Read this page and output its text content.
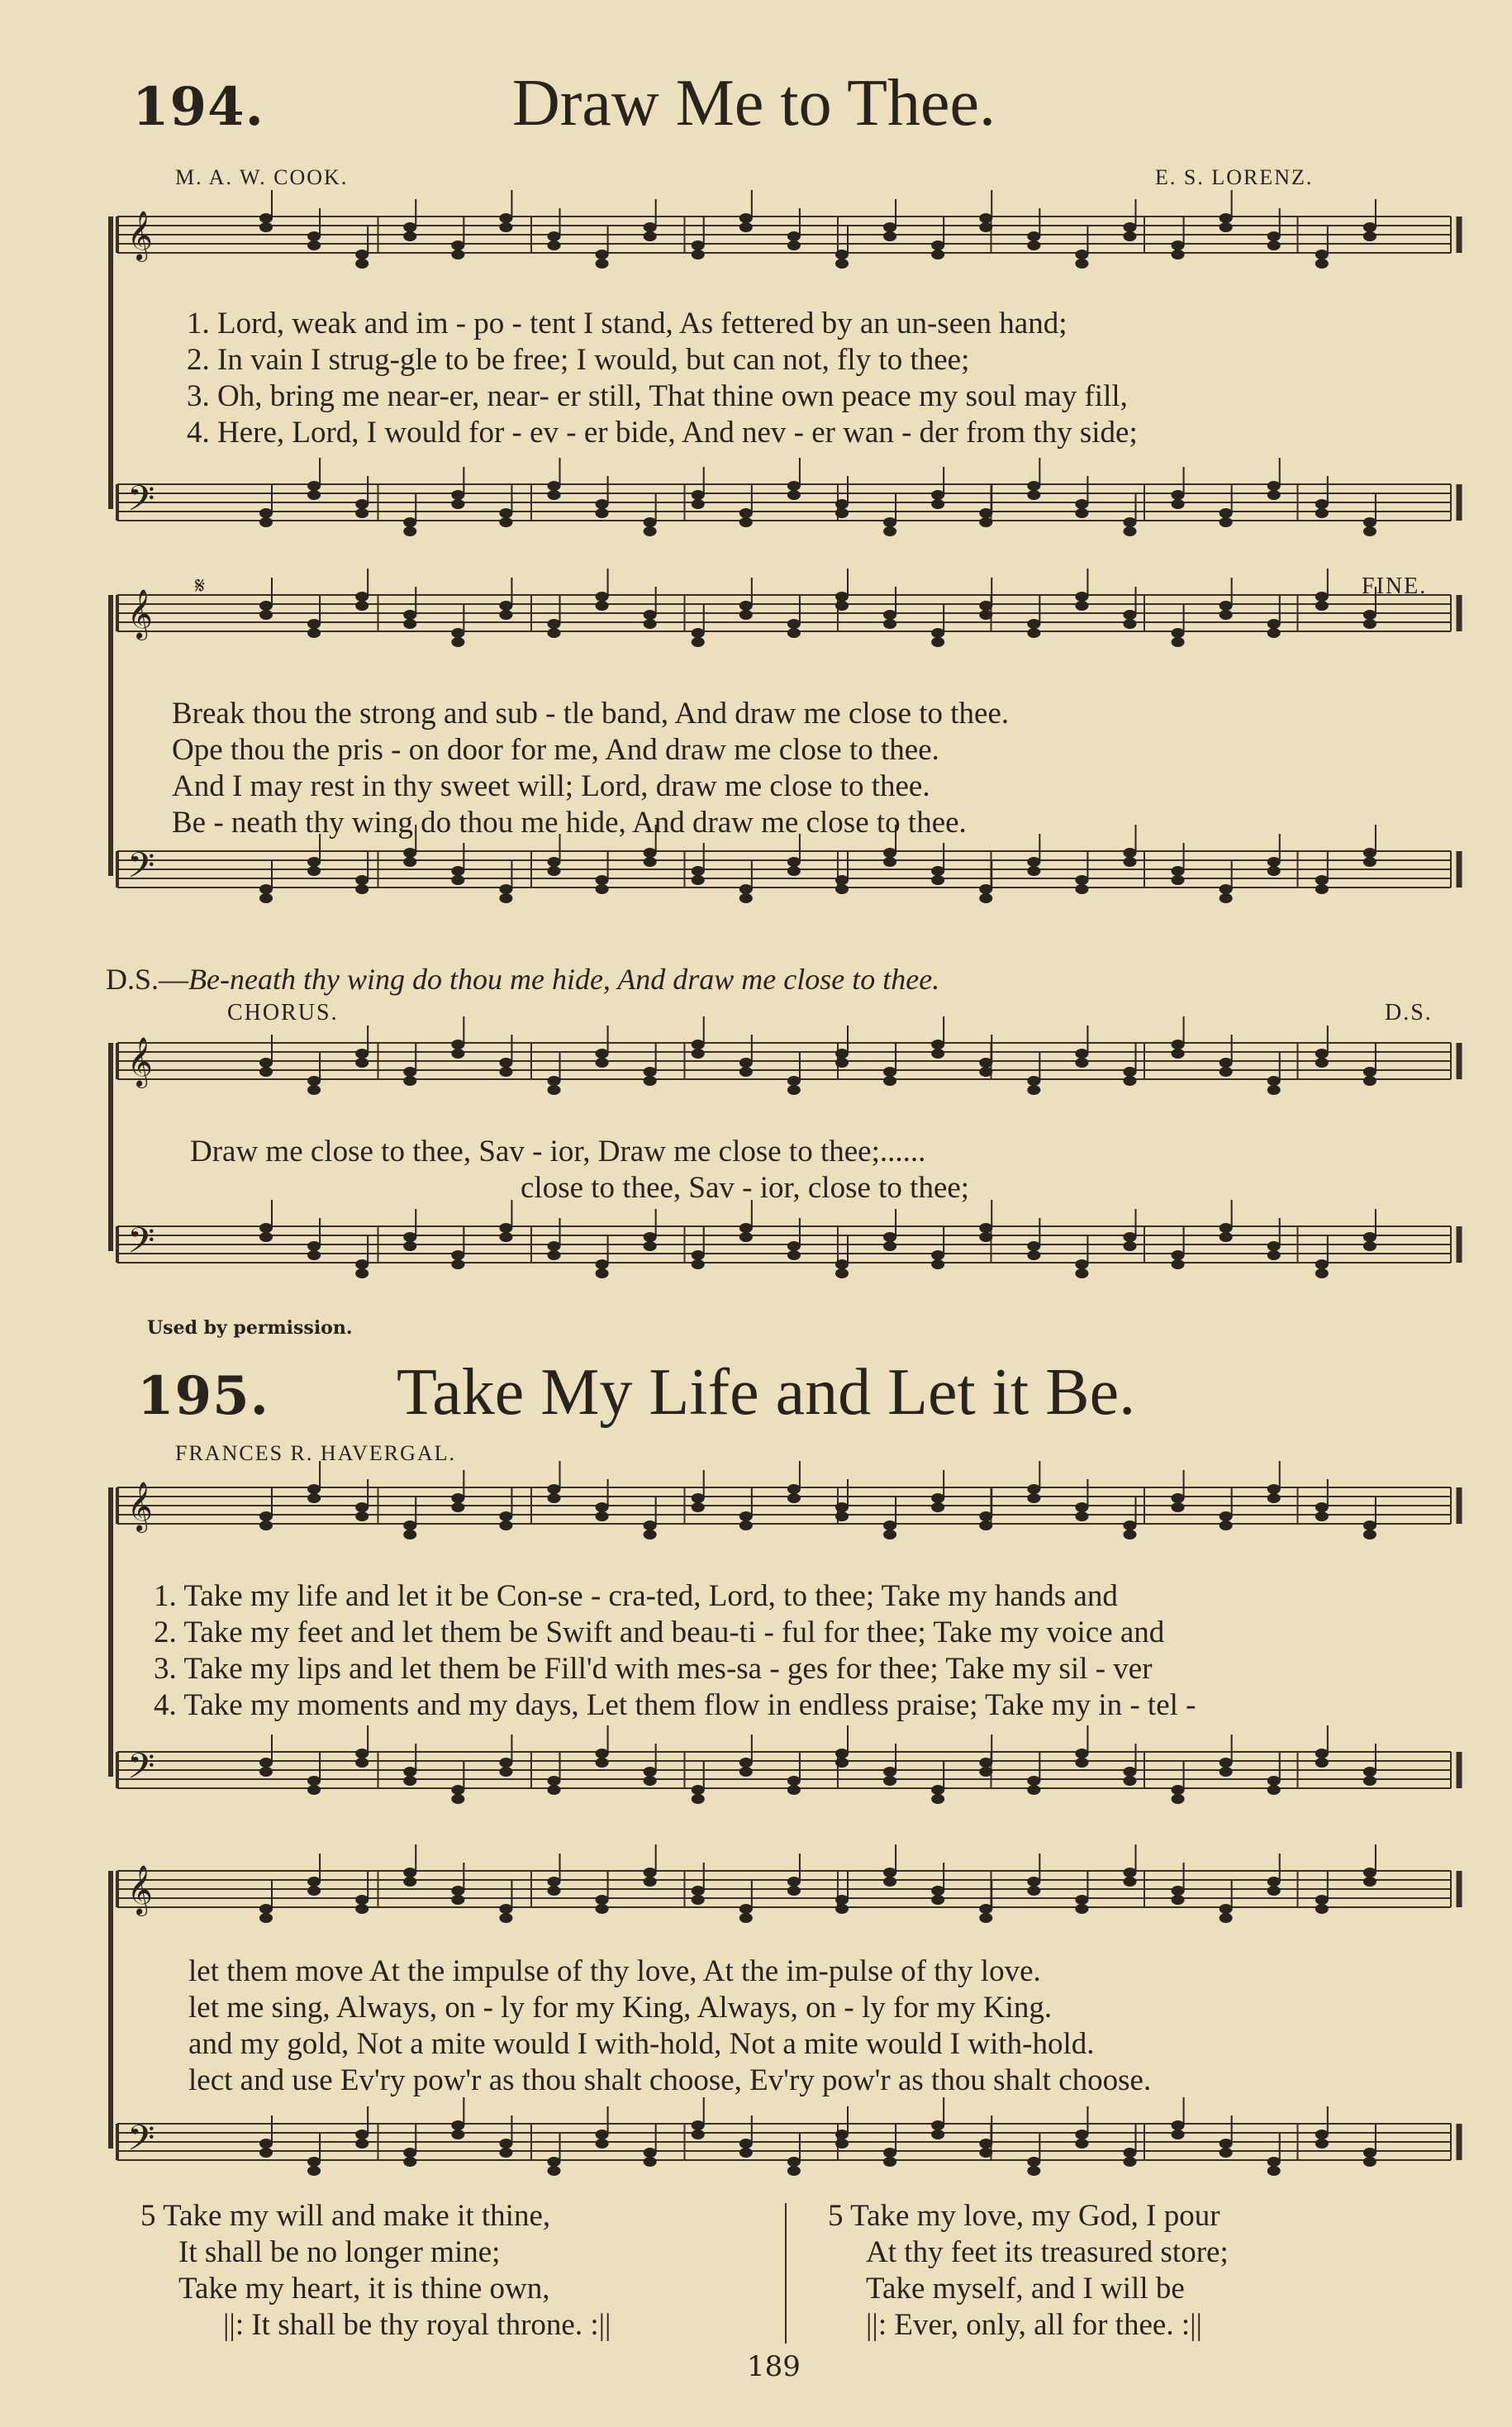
194.	Draw Me to Thee.
M. A. W. COOK.	E. S. LORENZ.
𝄞
𝄢
𝄞
𝄢
𝄞
𝄢
𝄞
𝄢
𝄞
𝄢
1. Lord, weak and im - po - tent I stand, As fettered by an un-seen hand;
2. In vain I strug-gle to be free; I would, but can not, fly to thee;
3. Oh, bring me near-er, near- er still, That thine own peace my soul may fill,
4. Here, Lord, I would for - ev - er bide, And nev - er wan - der from thy side;
𝄋	FINE.
Break thou the strong and sub - tle band, And draw me close to thee.
Ope thou the pris - on door for me, And draw me close to thee.
And I may rest in thy sweet will; Lord, draw me close to thee.
Be - neath thy wing do thou me hide, And draw me close to thee.
D.S.—Be-neath thy wing do thou me hide, And draw me close to thee.
CHORUS.	D.S.
Draw me close to thee, Sav - ior, Draw me close to thee;......
close to thee, Sav - ior, close to thee;
Used by permission.
195. Take My Life and Let it Be.
FRANCES R. HAVERGAL.
1. Take my life and let it be Con-se - cra-ted, Lord, to thee; Take my hands and
2. Take my feet and let them be Swift and beau-ti - ful for thee; Take my voice and
3. Take my lips and let them be Fill'd with mes-sa - ges for thee; Take my sil - ver
4. Take my moments and my days, Let them flow in endless praise; Take my in - tel -
let them move At the impulse of thy love, At the im-pulse of thy love.
let me sing, Always, on - ly for my King, Always, on - ly for my King.
and my gold, Not a mite would I with-hold, Not a mite would I with-hold.
lect and use Ev'ry pow'r as thou shalt choose, Ev'ry pow'r as thou shalt choose.
5 Take my will and make it thine,
It shall be no longer mine;
Take my heart, it is thine own,
||: It shall be thy royal throne. :||
5 Take my love, my God, I pour
At thy feet its treasured store;
Take myself, and I will be
||: Ever, only, all for thee. :||
189
